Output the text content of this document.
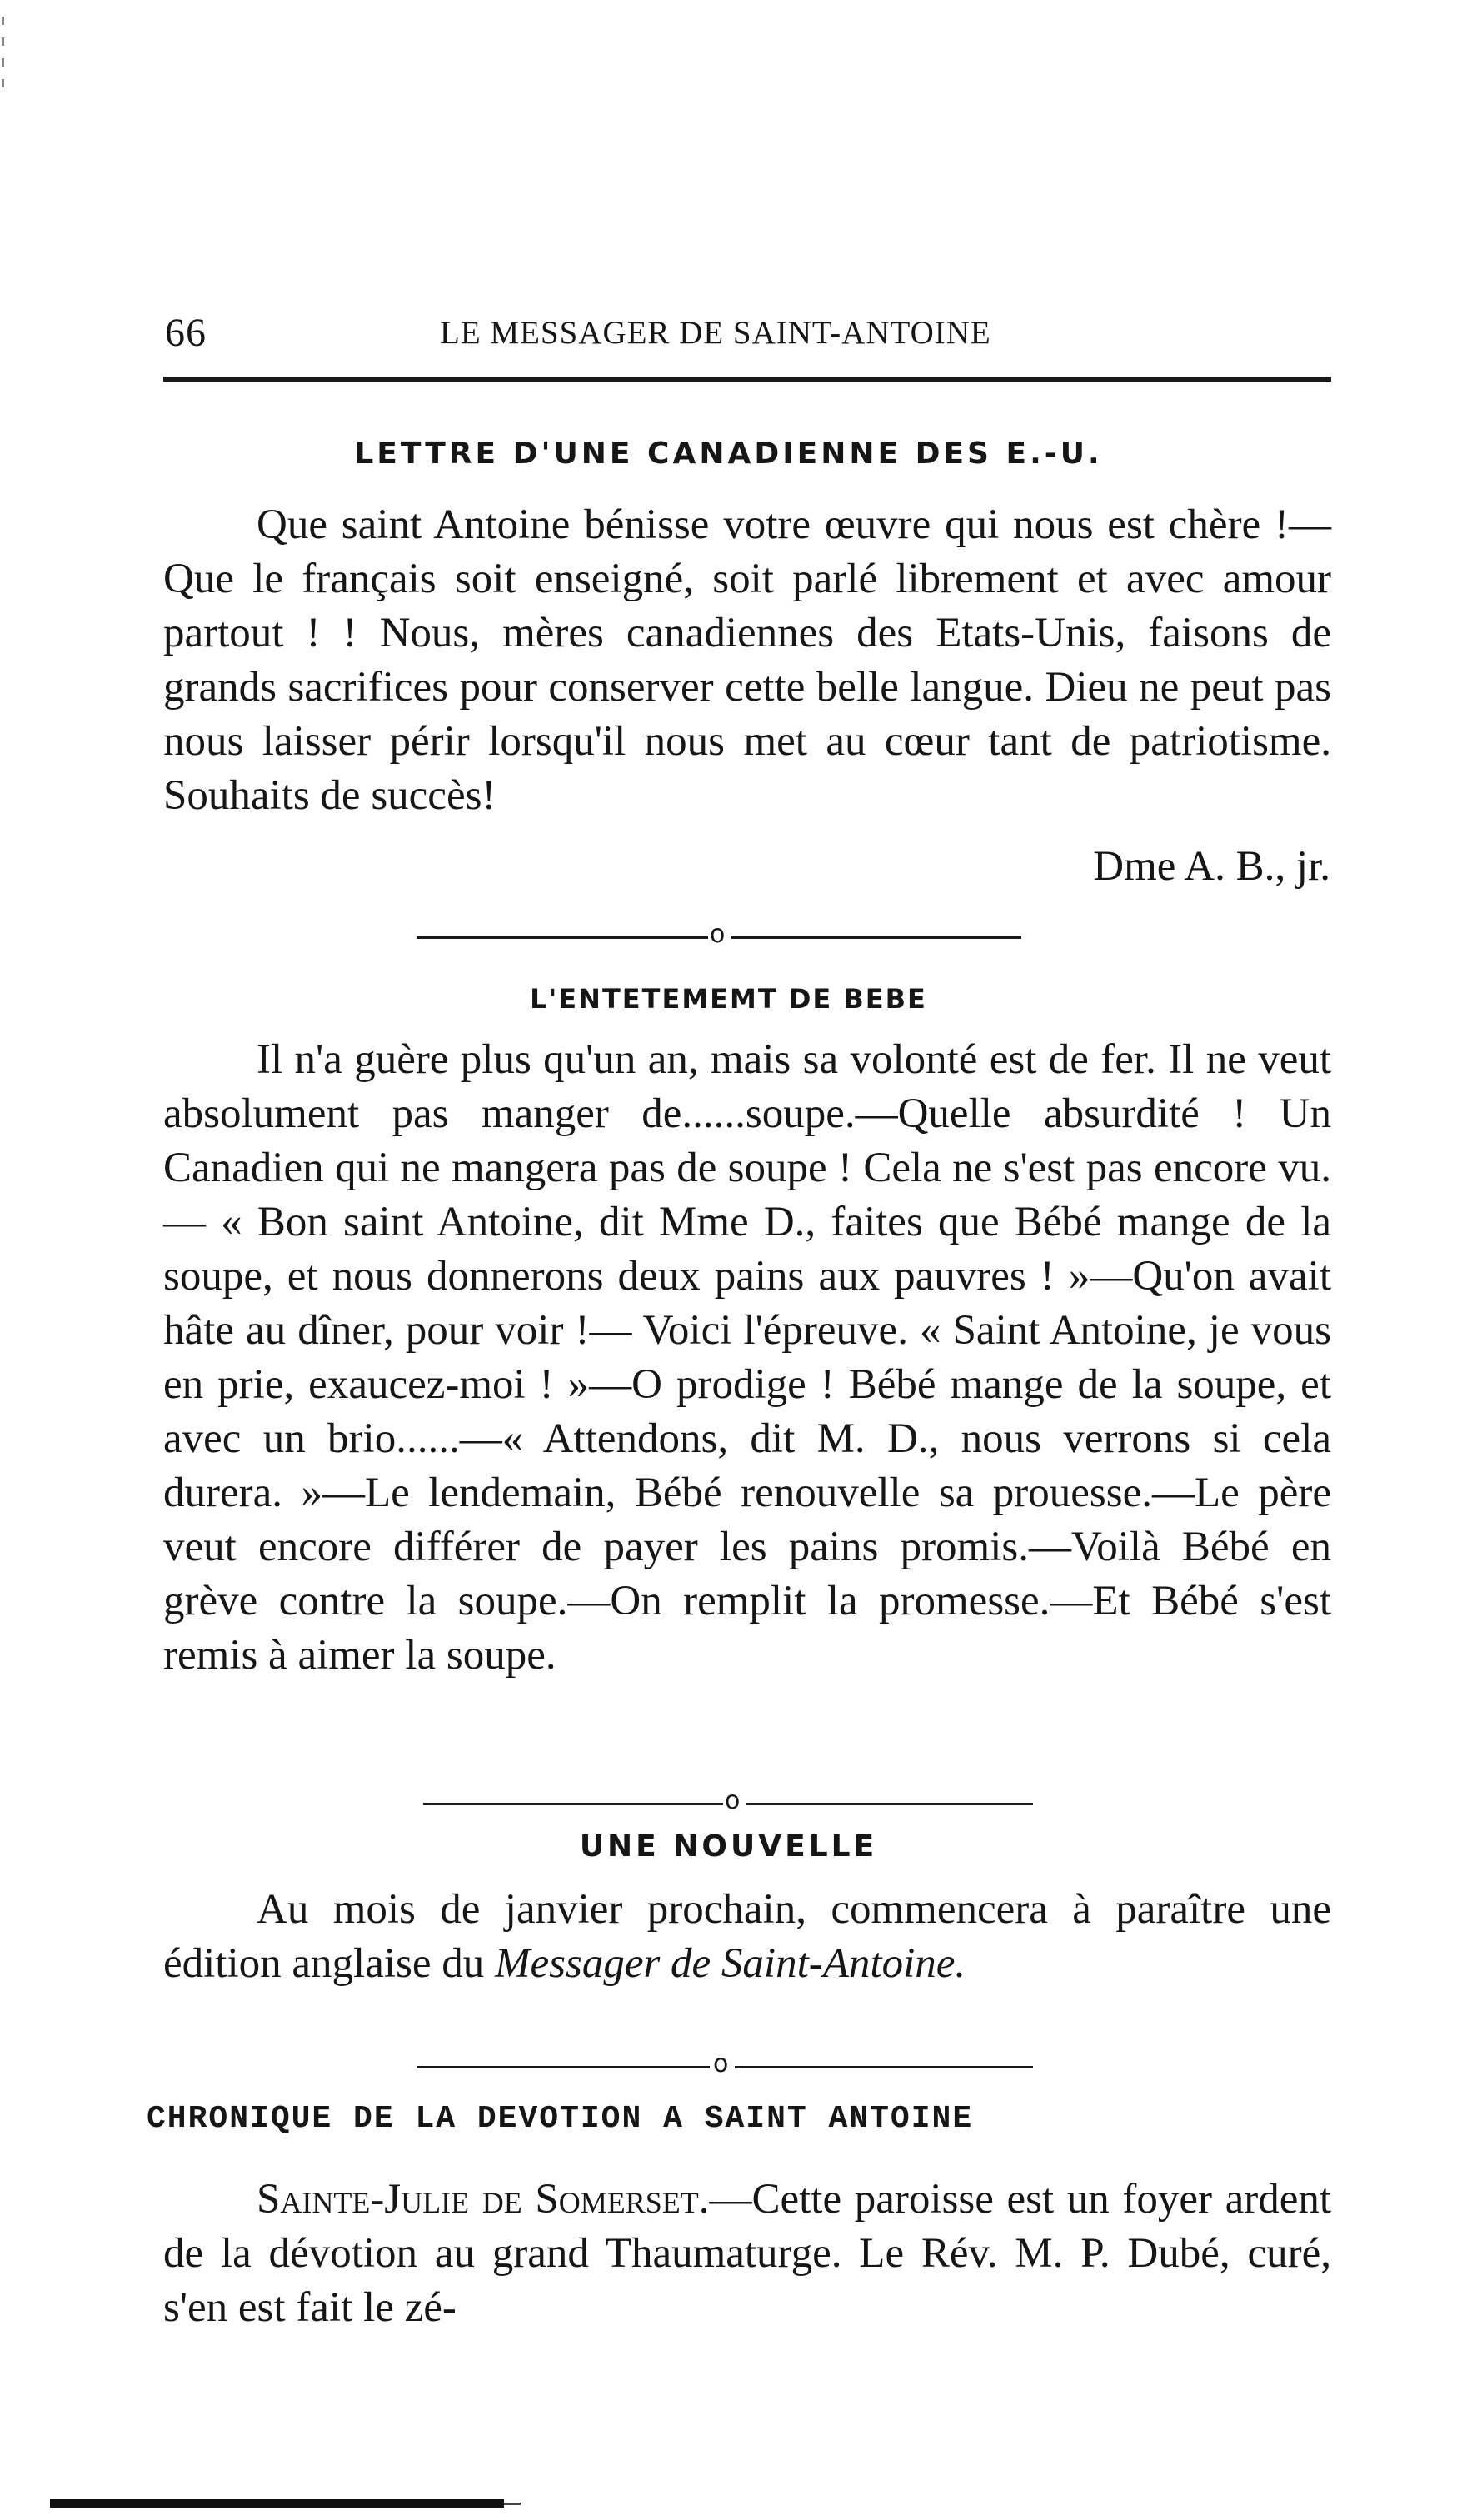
66	LE MESSAGER DE SAINT-ANTOINE
LETTRE D'UNE CANADIENNE DES E.-U.

Que saint Antoine bénisse votre œuvre qui nous est chère !—Que le français soit enseigné, soit parlé librement et avec amour partout ! ! Nous, mères canadiennes des Etats-Unis, faisons de grands sacrifices pour conserver cette belle langue. Dieu ne peut pas nous laisser périr lorsqu'il nous met au cœur tant de patriotisme. Souhaits de succès!

Dme A. B., jr.
o
L'ENTETEMEMT DE BEBE

Il n'a guère plus qu'un an, mais sa volonté est de fer. Il ne veut absolument pas manger de......soupe.—Quelle absurdité ! Un Canadien qui ne mangera pas de soupe ! Cela ne s'est pas encore vu.— « Bon saint Antoine, dit Mme D., faites que Bébé mange de la soupe, et nous donnerons deux pains aux pauvres ! »—Qu'on avait hâte au dîner, pour voir !— Voici l'épreuve. « Saint Antoine, je vous en prie, exaucez-moi ! »—O prodige ! Bébé mange de la soupe, et avec un brio......—« Attendons, dit M. D., nous verrons si cela durera. »—Le lendemain, Bébé renouvelle sa prouesse.—Le père veut encore différer de payer les pains promis.—Voilà Bébé en grève contre la soupe.—On remplit la promesse.—Et Bébé s'est remis à aimer la soupe.

o
UNE NOUVELLE

Au mois de janvier prochain, commencera à paraître une édition anglaise du Messager de Saint-Antoine.

o
CHRONIQUE DE LA DEVOTION A SAINT ANTOINE

Sainte-Julie de Somerset.—Cette paroisse est un foyer ardent de la dévotion au grand Thaumaturge. Le Rév. M. P. Dubé, curé, s'en est fait le zé-
